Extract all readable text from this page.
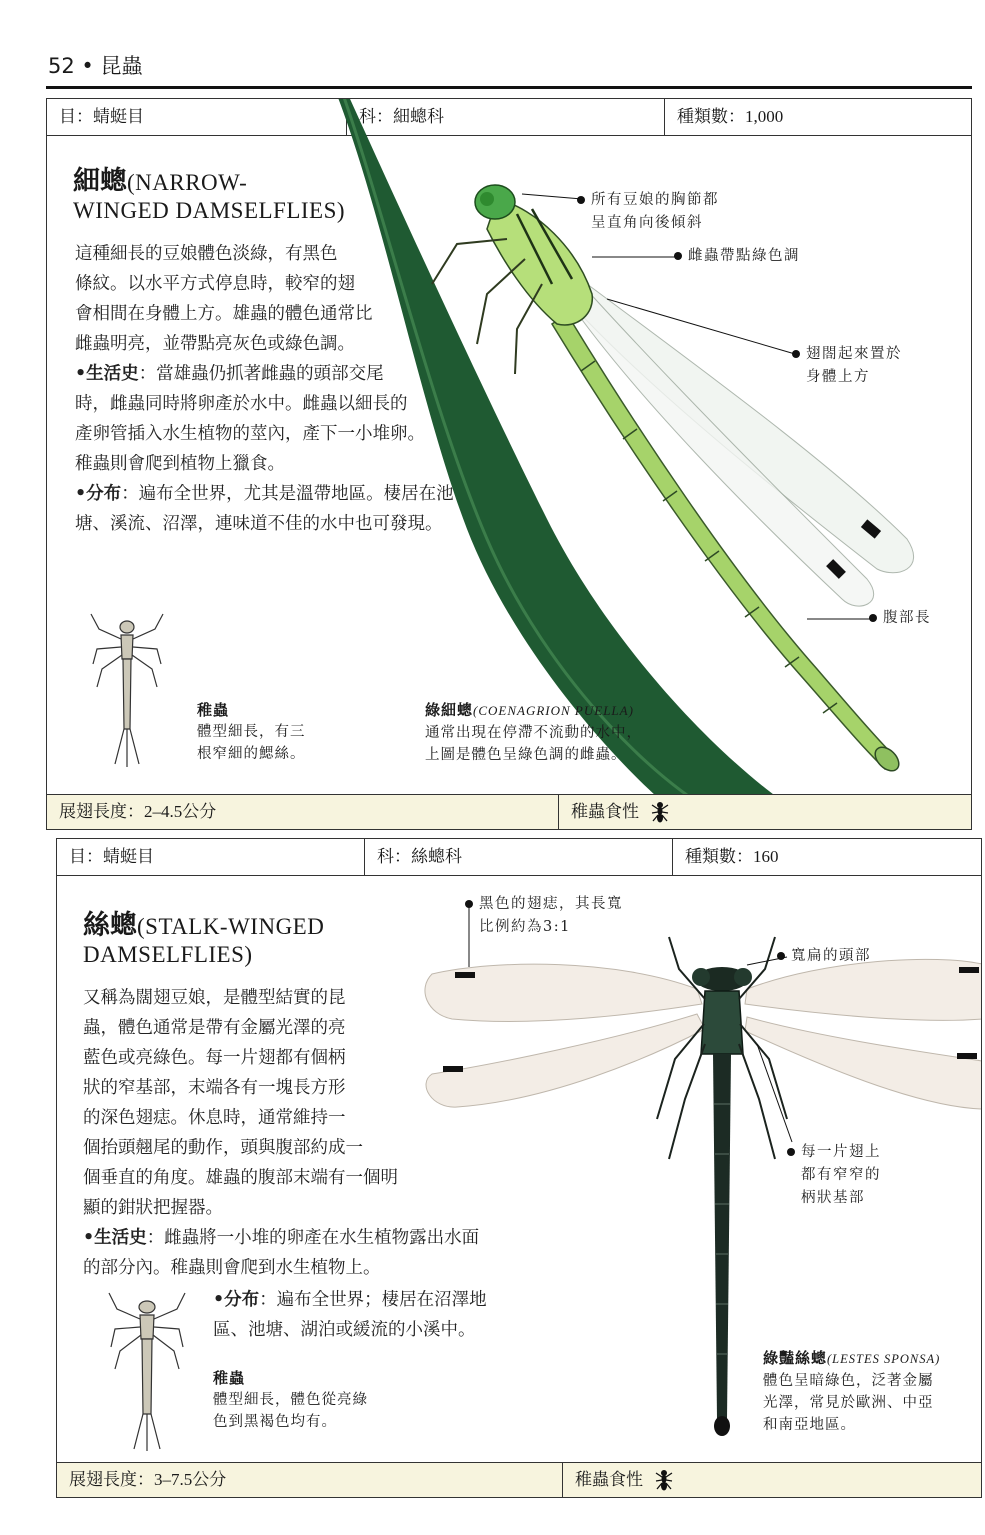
52 • 昆蟲
目：蜻蜓目	科：細蟌科	種類數：1,000
細蟌(NARROW-
WINGED DAMSELFLIES)
這種細長的豆娘體色淡綠，有黑色
條紋。以水平方式停息時，較窄的翅
會相間在身體上方。雄蟲的體色通常比
雌蟲明亮，並帶點亮灰色或綠色調。
•生活史：當雄蟲仍抓著雌蟲的頭部交尾
時，雌蟲同時將卵產於水中。雌蟲以細長的
產卵管插入水生植物的莖內，產下一小堆卵。
稚蟲則會爬到植物上獵食。
•分布：遍布全世界，尤其是溫帶地區。棲居在池
塘、溪流、沼澤，連味道不佳的水中也可發現。
所有豆娘的胸節都
呈直角向後傾斜
雌蟲帶點綠色調
翅閤起來置於
身體上方
腹部長
稚蟲
體型細長，有三
根窄細的鰓絲。
綠細蟌(COENAGRION PUELLA)
通常出現在停滯不流動的水中，
上圖是體色呈綠色調的雌蟲。
展翅長度：2–4.5公分	稚蟲食性
目：蜻蜓目	科：絲蟌科	種類數：160
絲蟌(STALK-WINGED
DAMSELFLIES)
又稱為闊翅豆娘，是體型結實的昆
蟲，體色通常是帶有金屬光澤的亮
藍色或亮綠色。每一片翅都有個柄
狀的窄基部，末端各有一塊長方形
的深色翅痣。休息時，通常維持一
個抬頭翹尾的動作，頭與腹部約成一
個垂直的角度。雄蟲的腹部末端有一個明
顯的鉗狀把握器。
•生活史：雌蟲將一小堆的卵產在水生植物露出水面
的部分內。稚蟲則會爬到水生植物上。
•分布：遍布全世界；棲居在沼澤地
區、池塘、湖泊或緩流的小溪中。
黑色的翅痣，其長寬
比例約為3:1
寬扁的頭部
每一片翅上
都有窄窄的
柄狀基部
稚蟲
體型細長，體色從亮綠
色到黑褐色均有。
綠豔絲蟌(LESTES SPONSA)
體色呈暗綠色，泛著金屬
光澤，常見於歐洲、中亞
和南亞地區。
展翅長度：3–7.5公分	稚蟲食性
